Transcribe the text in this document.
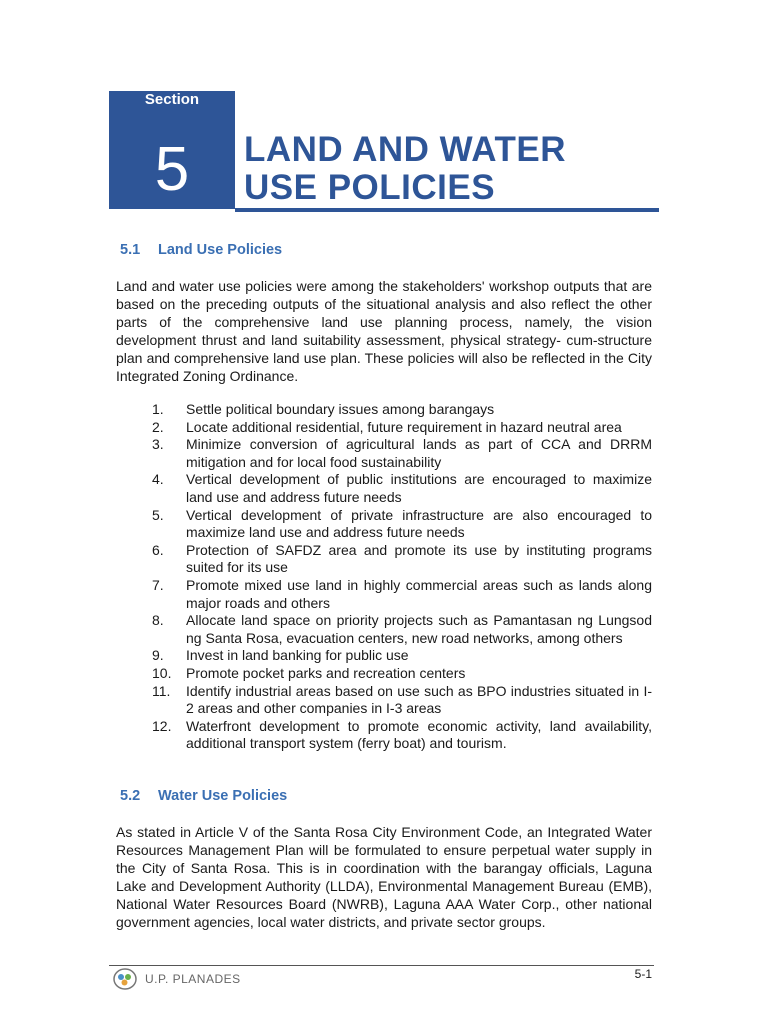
Section
5	LAND AND WATER
USE POLICIES
5.1 Land Use Policies

Land and water use policies were among the stakeholders' workshop outputs that are based on the preceding outputs of the situational analysis and also reflect the other parts of the comprehensive land use planning process, namely, the vision development thrust and land suitability assessment, physical strategy- cum-structure plan and comprehensive land use plan. These policies will also be reflected in the City Integrated Zoning Ordinance.

1. Settle political boundary issues among barangays
2. Locate additional residential, future requirement in hazard neutral area
3. Minimize conversion of agricultural lands as part of CCA and DRRM mitigation and for local food sustainability
4. Vertical development of public institutions are encouraged to maximize land use and address future needs
5. Vertical development of private infrastructure are also encouraged to maximize land use and address future needs
6. Protection of SAFDZ area and promote its use by instituting programs suited for its use
7. Promote mixed use land in highly commercial areas such as lands along major roads and others
8. Allocate land space on priority projects such as Pamantasan ng Lungsod ng Santa Rosa, evacuation centers, new road networks, among others
9. Invest in land banking for public use
10. Promote pocket parks and recreation centers
11. Identify industrial areas based on use such as BPO industries situated in I-2 areas and other companies in I-3 areas
12. Waterfront development to promote economic activity, land availability, additional transport system (ferry boat) and tourism.
5.2 Water Use Policies

As stated in Article V of the Santa Rosa City Environment Code, an Integrated Water Resources Management Plan will be formulated to ensure perpetual water supply in the City of Santa Rosa. This is in coordination with the barangay officials, Laguna Lake and Development Authority (LLDA), Environmental Management Bureau (EMB), National Water Resources Board (NWRB), Laguna AAA Water Corp., other national government agencies, local water districts, and private sector groups.

U.P. PLANADES	5-1
